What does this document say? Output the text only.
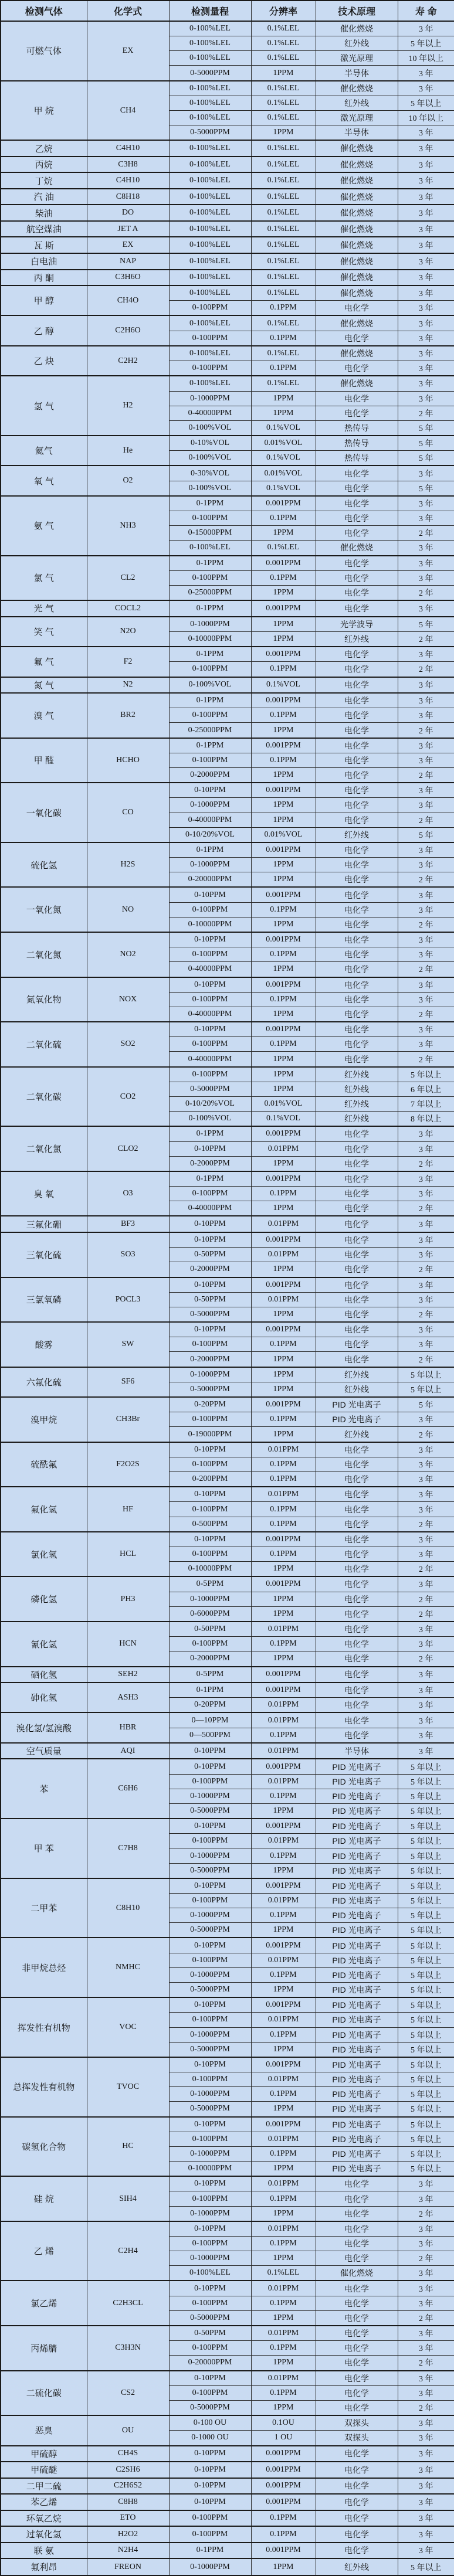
检测气体	化学式	检测量程	分辨率	技术原理	寿 命
可燃气体	EX	0-100%LEL	0.1%LEL	催化燃烧	3 年
		0-100%LEL	0.1%LEL	红外线	5 年以上
		0-100%LEL	0.1%LEL	激光原理	10 年以上
		0-5000PPM	1PPM	半导体	3 年
甲 烷	CH4	0-100%LEL	0.1%LEL	催化燃烧	3 年
		0-100%LEL	0.1%LEL	红外线	5 年以上
		0-100%LEL	0.1%LEL	激光原理	10 年以上
		0-5000PPM	1PPM	半导体	3 年
乙烷	C4H10	0-100%LEL	0.1%LEL	催化燃烧	3 年
丙烷	C3H8	0-100%LEL	0.1%LEL	催化燃烧	3 年
丁烷	C4H10	0-100%LEL	0.1%LEL	催化燃烧	3 年
汽 油	C8H18	0-100%LEL	0.1%LEL	催化燃烧	3 年
柴油	DO	0-100%LEL	0.1%LEL	催化燃烧	3 年
航空煤油	JET A	0-100%LEL	0.1%LEL	催化燃烧	3 年
瓦 斯	EX	0-100%LEL	0.1%LEL	催化燃烧	3 年
白电油	NAP	0-100%LEL	0.1%LEL	催化燃烧	3 年
丙 酮	C3H6O	0-100%LEL	0.1%LEL	催化燃烧	3 年
甲 醇	CH4O	0-100%LEL	0.1%LEL	催化燃烧	3 年
		0-100PPM	0.1PPM	电化学	3 年
乙 醇	C2H6O	0-100%LEL	0.1%LEL	催化燃烧	3 年
		0-100PPM	0.1PPM	电化学	3 年
乙 炔	C2H2	0-100%LEL	0.1%LEL	催化燃烧	3 年
		0-100PPM	0.1PPM	电化学	3 年
氢 气	H2	0-100%LEL	0.1%LEL	催化燃烧	3 年
		0-1000PPM	1PPM	电化学	3 年
		0-40000PPM	1PPM	电化学	2 年
		0-100%VOL	0.1%VOL	热传导	5 年
氦气	He	0-10%VOL	0.01%VOL	热传导	5 年
		0-100%VOL	0.1%VOL	热传导	5 年
氧 气	O2	0-30%VOL	0.01%VOL	电化学	3 年
		0-100%VOL	0.1%VOL	电化学	5 年
氨 气	NH3	0-1PPM	0.001PPM	电化学	3 年
		0-100PPM	0.1PPM	电化学	3 年
		0-15000PPM	1PPM	电化学	2 年
		0-100%LEL	0.1%LEL	催化燃烧	3 年
氯 气	CL2	0-1PPM	0.001PPM	电化学	3 年
		0-100PPM	0.1PPM	电化学	3 年
		0-25000PPM	1PPM	电化学	2 年
光 气	COCL2	0-1PPM	0.001PPM	电化学	3 年
笑 气	N2O	0-1000PPM	1PPM	光学波导	5 年
		0-10000PPM	1PPM	红外线	2 年
氟 气	F2	0-1PPM	0.001PPM	电化学	3 年
		0-100PPM	0.1PPM	电化学	2 年
氮 气	N2	0-100%VOL	0.1%VOL	电化学	3 年
溴 气	BR2	0-1PPM	0.001PPM	电化学	3 年
		0-100PPM	0.1PPM	电化学	3 年
		0-25000PPM	1PPM	电化学	2 年
甲 醛	HCHO	0-1PPM	0.001PPM	电化学	3 年
		0-100PPM	0.1PPM	电化学	3 年
		0-2000PPM	1PPM	电化学	2 年
一氧化碳	CO	0-10PPM	0.001PPM	电化学	3 年
		0-1000PPM	1PPM	电化学	3 年
		0-40000PPM	1PPM	电化学	2 年
		0-10/20%VOL	0.01%VOL	红外线	5 年
硫化氢	H2S	0-1PPM	0.001PPM	电化学	3 年
		0-1000PPM	1PPM	电化学	3 年
		0-20000PPM	1PPM	电化学	2 年
一氧化氮	NO	0-10PPM	0.001PPM	电化学	3 年
		0-100PPM	0.1PPM	电化学	3 年
		0-10000PPM	1PPM	电化学	2 年
二氧化氮	NO2	0-10PPM	0.001PPM	电化学	3 年
		0-100PPM	0.1PPM	电化学	3 年
		0-40000PPM	1PPM	电化学	2 年
氮氧化物	NOX	0-10PPM	0.001PPM	电化学	3 年
		0-100PPM	0.1PPM	电化学	3 年
		0-40000PPM	1PPM	电化学	2 年
二氧化硫	SO2	0-10PPM	0.001PPM	电化学	3 年
		0-100PPM	0.1PPM	电化学	3 年
		0-40000PPM	1PPM	电化学	2 年
二氧化碳	CO2	0-100PPM	1PPM	红外线	5 年以上
		0-5000PPM	1PPM	红外线	6 年以上
		0-10/20%VOL	0.01%VOL	红外线	7 年以上
		0-100%VOL	0.1%VOL	红外线	8 年以上
二氧化氯	CLO2	0-1PPM	0.001PPM	电化学	3 年
		0-10PPM	0.01PPM	电化学	3 年
		0-2000PPM	1PPM	电化学	2 年
臭 氧	O3	0-1PPM	0.001PPM	电化学	3 年
		0-100PPM	0.1PPM	电化学	3 年
		0-40000PPM	1PPM	电化学	2 年
三氟化硼	BF3	0-10PPM	0.01PPM	电化学	3 年
三氧化硫	SO3	0-10PPM	0.001PPM	电化学	3 年
		0-50PPM	0.01PPM	电化学	3 年
		0-2000PPM	1PPM	电化学	2 年
三氯氧磷	POCL3	0-10PPM	0.001PPM	电化学	3 年
		0-50PPM	0.01PPM	电化学	3 年
		0-5000PPM	1PPM	电化学	2 年
酸雾	SW	0-10PPM	0.001PPM	电化学	3 年
		0-100PPM	0.1PPM	电化学	3 年
		0-2000PPM	1PPM	电化学	2 年
六氟化硫	SF6	0-1000PPM	1PPM	红外线	5 年以上
		0-5000PPM	1PPM	红外线	5 年以上
溴甲烷	CH3Br	0-20PPM	0.001PPM	PID 光电离子	5 年
		0-100PPM	0.1PPM	PID 光电离子	3 年
		0-19000PPM	1PPM	红外线	2 年
硫酰氟	F2O2S	0-10PPM	0.01PPM	电化学	3 年
		0-100PPM	0.1PPM	电化学	3 年
		0-200PPM	0.1PPM	电化学	3 年
氟化氢	HF	0-10PPM	0.01PPM	电化学	3 年
		0-100PPM	0.1PPM	电化学	3 年
		0-500PPM	0.1PPM	电化学	2 年
氯化氢	HCL	0-10PPM	0.001PPM	电化学	3 年
		0-100PPM	0.1PPM	电化学	3 年
		0-10000PPM	1PPM	电化学	2 年
磷化氢	PH3	0-5PPM	0.001PPM	电化学	3 年
		0-1000PPM	1PPM	电化学	2 年
		0-6000PPM	1PPM	电化学	2 年
氰化氢	HCN	0-50PPM	0.01PPM	电化学	3 年
		0-100PPM	0.1PPM	电化学	3 年
		0-2000PPM	1PPM	电化学	2 年
硒化氢	SEH2	0-5PPM	0.001PPM	电化学	3 年
砷化氢	ASH3	0-1PPM	0.001PPM	电化学	3 年
		0-20PPM	0.01PPM	电化学	3 年
溴化氢/氢溴酸	HBR	0—10PPM	0.01PPM	电化学	3 年
		0—500PPM	0.1PPM	电化学	3 年
空气质量	AQI	0-10PPM	0.01PPM	半导体	3 年
苯	C6H6	0-10PPM	0.001PPM	PID 光电离子	5 年以上
		0-100PPM	0.01PPM	PID 光电离子	5 年以上
		0-1000PPM	0.1PPM	PID 光电离子	5 年以上
		0-5000PPM	1PPM	PID 光电离子	5 年以上
甲 苯	C7H8	0-10PPM	0.001PPM	PID 光电离子	5 年以上
		0-100PPM	0.01PPM	PID 光电离子	5 年以上
		0-1000PPM	0.1PPM	PID 光电离子	5 年以上
		0-5000PPM	1PPM	PID 光电离子	5 年以上
二甲苯	C8H10	0-10PPM	0.001PPM	PID 光电离子	5 年以上
		0-100PPM	0.01PPM	PID 光电离子	5 年以上
		0-1000PPM	0.1PPM	PID 光电离子	5 年以上
		0-5000PPM	1PPM	PID 光电离子	5 年以上
非甲烷总烃	NMHC	0-10PPM	0.001PPM	PID 光电离子	5 年以上
		0-100PPM	0.01PPM	PID 光电离子	5 年以上
		0-1000PPM	0.1PPM	PID 光电离子	5 年以上
		0-5000PPM	1PPM	PID 光电离子	5 年以上
挥发性有机物	VOC	0-10PPM	0.001PPM	PID 光电离子	5 年以上
		0-100PPM	0.01PPM	PID 光电离子	5 年以上
		0-1000PPM	0.1PPM	PID 光电离子	5 年以上
		0-5000PPM	1PPM	PID 光电离子	5 年以上
总挥发性有机物	TVOC	0-10PPM	0.001PPM	PID 光电离子	5 年以上
		0-100PPM	0.01PPM	PID 光电离子	5 年以上
		0-1000PPM	0.1PPM	PID 光电离子	5 年以上
		0-5000PPM	1PPM	PID 光电离子	5 年以上
碳氢化合物	HC	0-10PPM	0.001PPM	PID 光电离子	5 年以上
		0-100PPM	0.01PPM	PID 光电离子	5 年以上
		0-1000PPM	0.1PPM	PID 光电离子	5 年以上
		0-10000PPM	1PPM	PID 光电离子	5 年以上
硅 烷	SIH4	0-10PPM	0.01PPM	电化学	3 年
		0-100PPM	0.1PPM	电化学	3 年
		0-1000PPM	1PPM	电化学	2 年
乙 烯	C2H4	0-10PPM	0.01PPM	电化学	3 年
		0-100PPM	0.1PPM	电化学	3 年
		0-1000PPM	1PPM	电化学	2 年
		0-100%LEL	0.1%LEL	催化燃烧	3 年
氯乙烯	C2H3CL	0-10PPM	0.01PPM	电化学	3 年
		0-100PPM	0.1PPM	电化学	3 年
		0-5000PPM	1PPM	电化学	2 年
丙烯腈	C3H3N	0-50PPM	0.01PPM	电化学	3 年
		0-100PPM	0.1PPM	电化学	3 年
		0-20000PPM	1PPM	电化学	2 年
二硫化碳	CS2	0-10PPM	0.01PPM	电化学	3 年
		0-100PPM	0.1PPM	电化学	3 年
		0-5000PPM	1PPM	电化学	2 年
恶臭	OU	0-100 OU	0.1OU	双探头	3 年
		0-1000 OU	1 OU	双探头	3 年
甲硫醇	CH4S	0-10PPM	0.001PPM	电化学	3 年
甲硫醚	C2SH6	0-10PPM	0.001PPM	电化学	3 年
二甲二硫	C2H6S2	0-10PPM	0.001PPM	电化学	3 年
苯乙烯	C8H8	0-10PPM	0.001PPM	电化学	3 年
环氧乙烷	ETO	0-100PPM	0.1PPM	电化学	3 年
过氧化氢	H2O2	0-100PPM	0.1PPM	电化学	3 年
联 氨	N2H4	0-1PPM	0.001PPM	电化学	3 年
氟利昂	FREON	0-1000PPM	1PPM	红外线	5 年以上
